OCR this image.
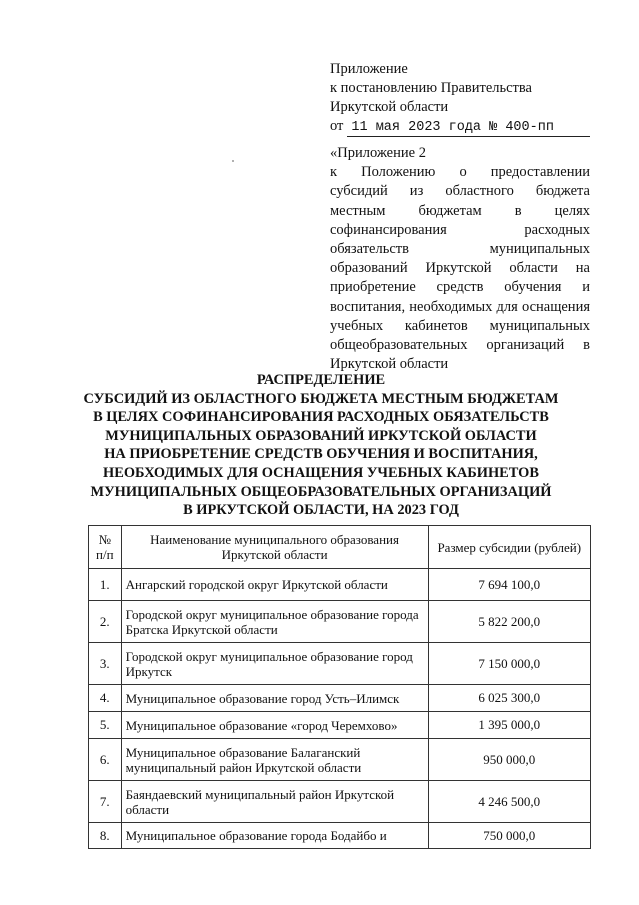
Приложение
к постановлению Правительства
Иркутской области
от 11 мая 2023 года № 400-пп
«Приложение 2
к Положению о предоставлении субсидий из областного бюджета местным бюджетам в целях софинансирования расходных обязательств муниципальных образований Иркутской области на приобретение средств обучения и воспитания, необходимых для оснащения учебных кабинетов муниципальных общеобразовательных организаций в Иркутской области
РАСПРЕДЕЛЕНИЕ
СУБСИДИЙ ИЗ ОБЛАСТНОГО БЮДЖЕТА МЕСТНЫМ БЮДЖЕТАМ
В ЦЕЛЯХ СОФИНАНСИРОВАНИЯ РАСХОДНЫХ ОБЯЗАТЕЛЬСТВ
МУНИЦИПАЛЬНЫХ ОБРАЗОВАНИЙ ИРКУТСКОЙ ОБЛАСТИ
НА ПРИОБРЕТЕНИЕ СРЕДСТВ ОБУЧЕНИЯ И ВОСПИТАНИЯ,
НЕОБХОДИМЫХ ДЛЯ ОСНАЩЕНИЯ УЧЕБНЫХ КАБИНЕТОВ
МУНИЦИПАЛЬНЫХ ОБЩЕОБРАЗОВАТЕЛЬНЫХ ОРГАНИЗАЦИЙ
В ИРКУТСКОЙ ОБЛАСТИ, НА 2023 ГОД
№
п/п	Наименование муниципального образования Иркутской области	Размер субсидии (рублей)
1.	Ангарский городской округ Иркутской области	7 694 100,0
2.	Городской округ муниципальное образование города Братска Иркутской области	5 822 200,0
3.	Городской округ муниципальное образование город Иркутск	7 150 000,0
4.	Муниципальное образование город Усть–Илимск	6 025 300,0
5.	Муниципальное образование «город Черемхово»	1 395 000,0
6.	Муниципальное образование Балаганский муниципальный район Иркутской области	950 000,0
7.	Баяндаевский муниципальный район Иркутской области	4 246 500,0
8.	Муниципальное образование города Бодайбо и	750 000,0
